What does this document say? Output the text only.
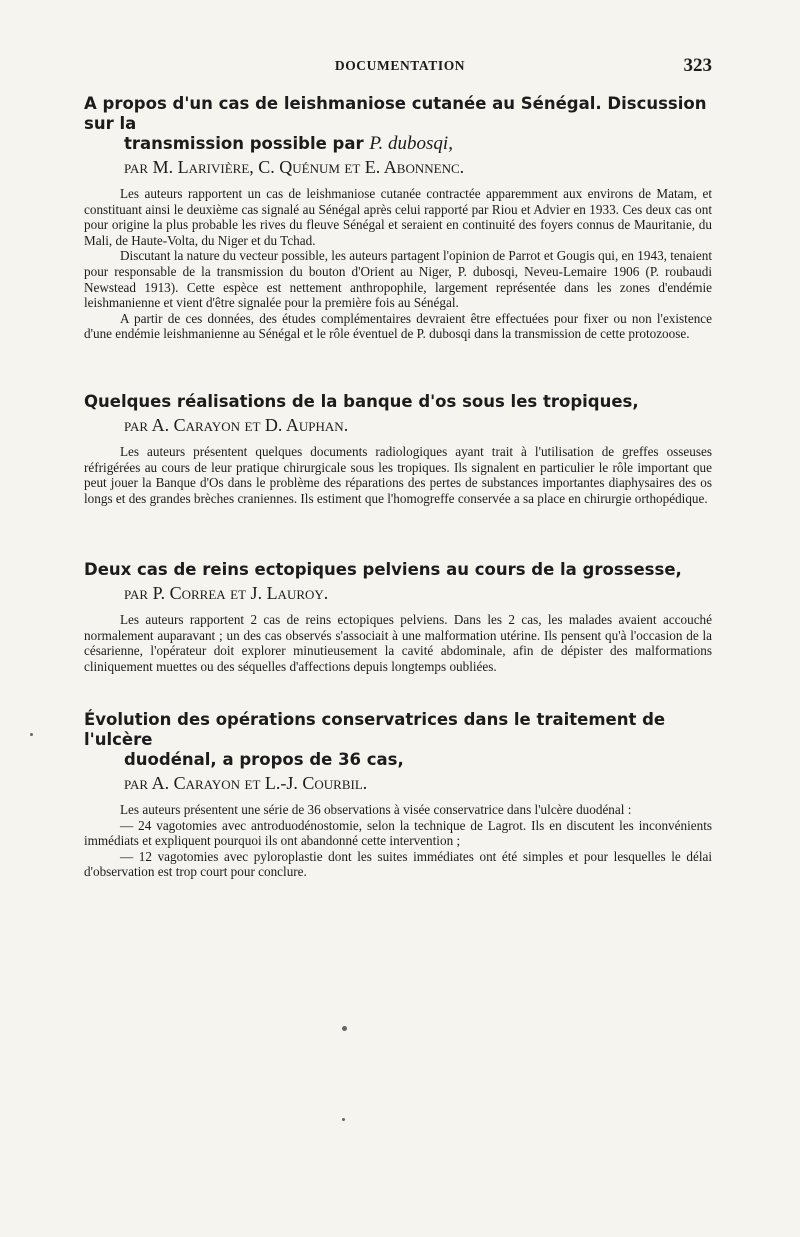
DOCUMENTATION	323
A propos d'un cas de leishmaniose cutanée au Sénégal. Discussion sur la
transmission possible par P. dubosqi,
par M. Larivière, C. Quénum et E. Abonnenc.

Les auteurs rapportent un cas de leishmaniose cutanée contractée apparemment aux environs de Matam, et constituant ainsi le deuxième cas signalé au Sénégal après celui rapporté par Riou et Advier en 1933. Ces deux cas ont pour origine la plus probable les rives du fleuve Sénégal et seraient en continuité des foyers connus de Mauritanie, du Mali, de Haute-Volta, du Niger et du Tchad.

Discutant la nature du vecteur possible, les auteurs partagent l'opinion de Parrot et Gougis qui, en 1943, tenaient pour responsable de la transmission du bouton d'Orient au Niger, P. dubosqi, Neveu-Lemaire 1906 (P. roubaudi Newstead 1913). Cette espèce est nettement anthropophile, largement représentée dans les zones d'endémie leishmanienne et vient d'être signalée pour la première fois au Sénégal.

A partir de ces données, des études complémentaires devraient être effectuées pour fixer ou non l'existence d'une endémie leishmanienne au Sénégal et le rôle éventuel de P. dubosqi dans la transmission de cette protozoose.

Quelques réalisations de la banque d'os sous les tropiques,
par A. Carayon et D. Auphan.

Les auteurs présentent quelques documents radiologiques ayant trait à l'utilisation de greffes osseuses réfrigérées au cours de leur pratique chirurgicale sous les tropiques. Ils signalent en particulier le rôle important que peut jouer la Banque d'Os dans le problème des réparations des pertes de substances importantes diaphysaires des os longs et des grandes brèches craniennes. Ils estiment que l'homogreffe conservée a sa place en chirurgie orthopédique.

Deux cas de reins ectopiques pelviens au cours de la grossesse,
par P. Correa et J. Lauroy.

Les auteurs rapportent 2 cas de reins ectopiques pelviens. Dans les 2 cas, les malades avaient accouché normalement auparavant ; un des cas observés s'associait à une malformation utérine. Ils pensent qu'à l'occasion de la césarienne, l'opérateur doit explorer minutieusement la cavité abdominale, afin de dépister des malformations cliniquement muettes ou des séquelles d'affections depuis longtemps oubliées.

Évolution des opérations conservatrices dans le traitement de l'ulcère
duodénal, a propos de 36 cas,
par A. Carayon et L.-J. Courbil.

Les auteurs présentent une série de 36 observations à visée conservatrice dans l'ulcère duodénal :

— 24 vagotomies avec antroduodénostomie, selon la technique de Lagrot. Ils en discutent les inconvénients immédiats et expliquent pourquoi ils ont abandonné cette intervention ;

— 12 vagotomies avec pyloroplastie dont les suites immédiates ont été simples et pour lesquelles le délai d'observation est trop court pour conclure.
